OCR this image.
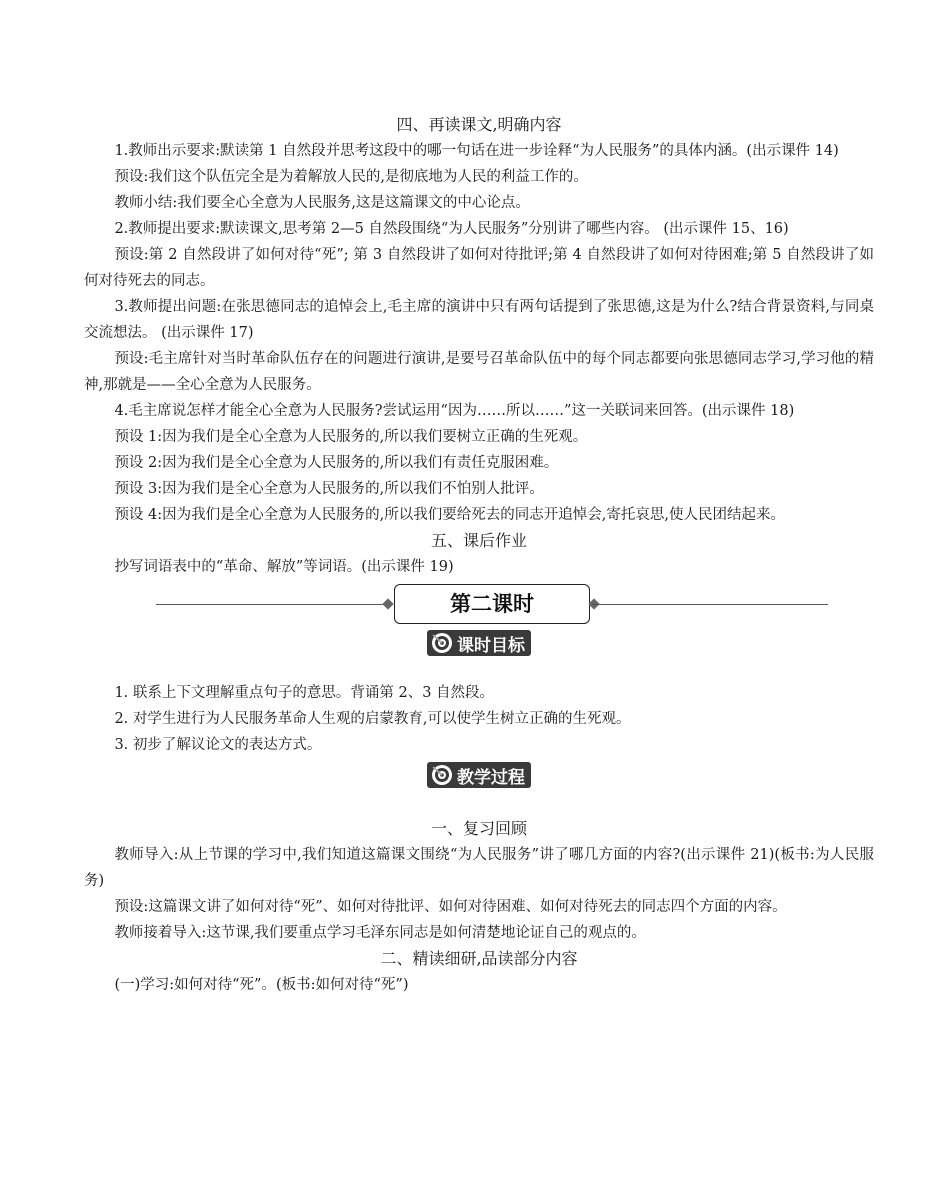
四、再读课文,明确内容

1.教师出示要求:默读第 1 自然段并思考这段中的哪一句话在进一步诠释“为人民服务”的具体内涵。(出示课件 14)

预设:我们这个队伍完全是为着解放人民的,是彻底地为人民的利益工作的。

教师小结:我们要全心全意为人民服务,这是这篇课文的中心论点。

2.教师提出要求:默读课文,思考第 2—5 自然段围绕“为人民服务”分别讲了哪些内容。 (出示课件 15、16)

预设:第 2 自然段讲了如何对待“死”; 第 3 自然段讲了如何对待批评;第 4 自然段讲了如何对待困难;第 5 自然段讲了如何对待死去的同志。

3.教师提出问题:在张思德同志的追悼会上,毛主席的演讲中只有两句话提到了张思德,这是为什么?结合背景资料,与同桌交流想法。 (出示课件 17)

预设:毛主席针对当时革命队伍存在的问题进行演讲,是要号召革命队伍中的每个同志都要向张思德同志学习,学习他的精神,那就是——全心全意为人民服务。

4.毛主席说怎样才能全心全意为人民服务?尝试运用“因为……所以……”这一关联词来回答。(出示课件 18)

预设 1:因为我们是全心全意为人民服务的,所以我们要树立正确的生死观。

预设 2:因为我们是全心全意为人民服务的,所以我们有责任克服困难。

预设 3:因为我们是全心全意为人民服务的,所以我们不怕别人批评。

预设 4:因为我们是全心全意为人民服务的,所以我们要给死去的同志开追悼会,寄托哀思,使人民团结起来。

五、课后作业

抄写词语表中的“革命、解放”等词语。(出示课件 19)

第二课时
课时目标

1. 联系上下文理解重点句子的意思。背诵第 2、3 自然段。

2. 对学生进行为人民服务革命人生观的启蒙教育,可以使学生树立正确的生死观。

3. 初步了解议论文的表达方式。

教学过程
一、复习回顾

教师导入:从上节课的学习中,我们知道这篇课文围绕“为人民服务”讲了哪几方面的内容?(出示课件 21)(板书:为人民服务)

预设:这篇课文讲了如何对待“死”、如何对待批评、如何对待困难、如何对待死去的同志四个方面的内容。

教师接着导入:这节课,我们要重点学习毛泽东同志是如何清楚地论证自己的观点的。

二、精读细研,品读部分内容

(一)学习:如何对待“死”。(板书:如何对待“死”)
